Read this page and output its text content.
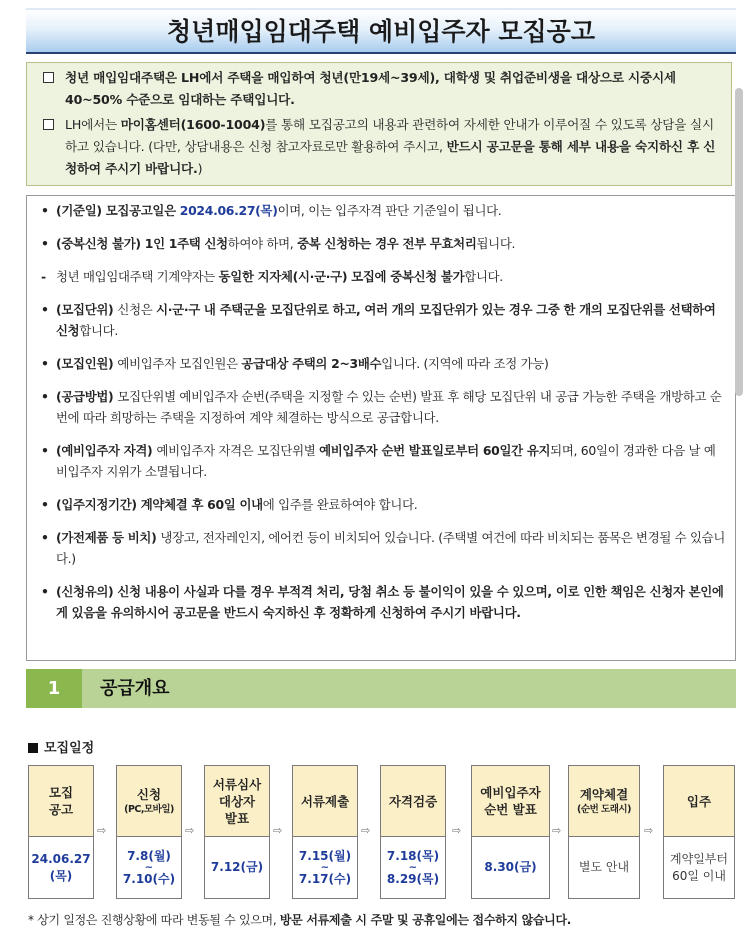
청년매입임대주택 예비입주자 모집공고
청년 매입임대주택은 LH에서 주택을 매입하여 청년(만19세~39세), 대학생 및 취업준비생을 대상으로 시중시세 40~50% 수준으로 임대하는 주택입니다.
LH에서는 마이홈센터(1600-1004)를 통해 모집공고의 내용과 관련하여 자세한 안내가 이루어질 수 있도록 상담을 실시하고 있습니다. (다만, 상담내용은 신청 참고자료로만 활용하여 주시고, 반드시 공고문을 통해 세부 내용을 숙지하신 후 신청하여 주시기 바랍니다.)
• (기준일) 모집공고일은 2024.06.27(목)이며, 이는 입주자격 판단 기준일이 됩니다.
• (중복신청 불가) 1인 1주택 신청하여야 하며, 중복 신청하는 경우 전부 무효처리됩니다.
- 청년 매입임대주택 기계약자는 동일한 지자체(시·군·구) 모집에 중복신청 불가합니다.
• (모집단위) 신청은 시·군·구 내 주택군을 모집단위로 하고, 여러 개의 모집단위가 있는 경우 그중 한 개의 모집단위를 선택하여 신청합니다.
• (모집인원) 예비입주자 모집인원은 공급대상 주택의 2~3배수입니다. (지역에 따라 조정 가능)
• (공급방법) 모집단위별 예비입주자 순번(주택을 지정할 수 있는 순번) 발표 후 해당 모집단위 내 공급 가능한 주택을 개방하고 순번에 따라 희망하는 주택을 지정하여 계약 체결하는 방식으로 공급합니다.
• (예비입주자 자격) 예비입주자 자격은 모집단위별 예비입주자 순번 발표일로부터 60일간 유지되며, 60일이 경과한 다음 날 예비입주자 지위가 소멸됩니다.
• (입주지정기간) 계약체결 후 60일 이내에 입주를 완료하여야 합니다.
• (가전제품 등 비치) 냉장고, 전자레인지, 에어컨 등이 비치되어 있습니다. (주택별 여건에 따라 비치되는 품목은 변경될 수 있습니다.)
• (신청유의) 신청 내용이 사실과 다를 경우 부적격 처리, 당첨 취소 등 불이익이 있을 수 있으며, 이로 인한 책임은 신청자 본인에게 있음을 유의하시어 공고문을 반드시 숙지하신 후 정확하게 신청하여 주시기 바랍니다.
1	공급개요
모집일정
모집
공고
24.06.27
(목)
⇨
신청
(PC,모바일)
7.8(월)
~
7.10(수)
⇨
서류심사
대상자
발표
7.12(금)
⇨
서류제출
7.15(월)
~
7.17(수)
⇨
자격검증
7.18(목)
~
8.29(목)
⇨
예비입주자
순번 발표
8.30(금)
⇨
계약체결
(순번 도래시)
별도 안내
⇨
입주
계약일부터
60일 이내
* 상기 일정은 진행상황에 따라 변동될 수 있으며, 방문 서류제출 시 주말 및 공휴일에는 접수하지 않습니다.
